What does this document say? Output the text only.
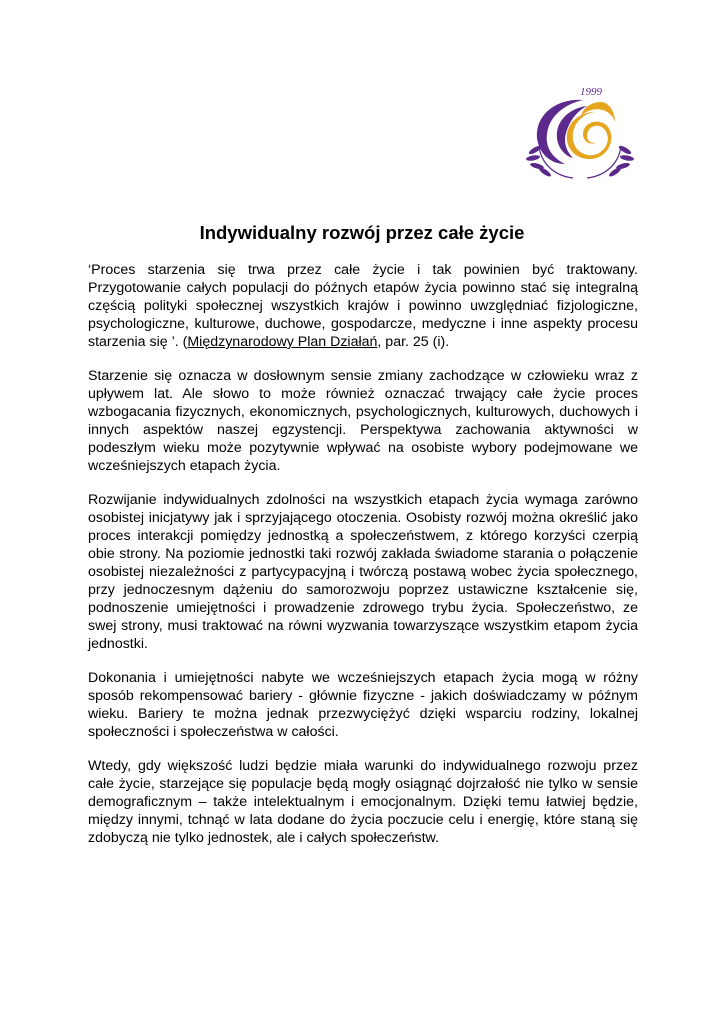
1999
Indywidualny rozwój przez całe życie

‘Proces starzenia się trwa przez całe życie i tak powinien być traktowany. Przygotowanie całych populacji do późnych etapów życia powinno stać się integralną częścią polityki społecznej wszystkich krajów i powinno uwzględniać fizjologiczne, psychologiczne, kulturowe, duchowe, gospodarcze, medyczne i inne aspekty procesu starzenia się ’. (Międzynarodowy Plan Działań, par. 25 (i).

Starzenie się oznacza w dosłownym sensie zmiany zachodzące w człowieku wraz z upływem lat. Ale słowo to może również oznaczać trwający całe życie proces wzbogacania fizycznych, ekonomicznych, psychologicznych, kulturowych, duchowych i innych aspektów naszej egzystencji. Perspektywa zachowania aktywności w podeszłym wieku może pozytywnie wpływać na osobiste wybory podejmowane we wcześniejszych etapach życia.

Rozwijanie indywidualnych zdolności na wszystkich etapach życia wymaga zarówno osobistej inicjatywy jak i sprzyjającego otoczenia. Osobisty rozwój można określić jako proces interakcji pomiędzy jednostką a społeczeństwem, z którego korzyści czerpią obie strony. Na poziomie jednostki taki rozwój zakłada świadome starania o połączenie osobistej niezależności z partycypacyjną i twórczą postawą wobec życia społecznego, przy jednoczesnym dążeniu do samorozwoju poprzez ustawiczne kształcenie się, podnoszenie umiejętności i prowadzenie zdrowego trybu życia. Społeczeństwo, ze swej strony, musi traktować na równi wyzwania towarzyszące wszystkim etapom życia jednostki.

Dokonania i umiejętności nabyte we wcześniejszych etapach życia mogą w różny sposób rekompensować bariery - głównie fizyczne - jakich doświadczamy w późnym wieku. Bariery te można jednak przezwyciężyć dzięki wsparciu rodziny, lokalnej społeczności i społeczeństwa w całości.

Wtedy, gdy większość ludzi będzie miała warunki do indywidualnego rozwoju przez całe życie, starzejące się populacje będą mogły osiągnąć dojrzałość nie tylko w sensie demograficznym – także intelektualnym i emocjonalnym. Dzięki temu łatwiej będzie, między innymi, tchnąć w lata dodane do życia poczucie celu i energię, które staną się zdobyczą nie tylko jednostek, ale i całych społeczeństw.
